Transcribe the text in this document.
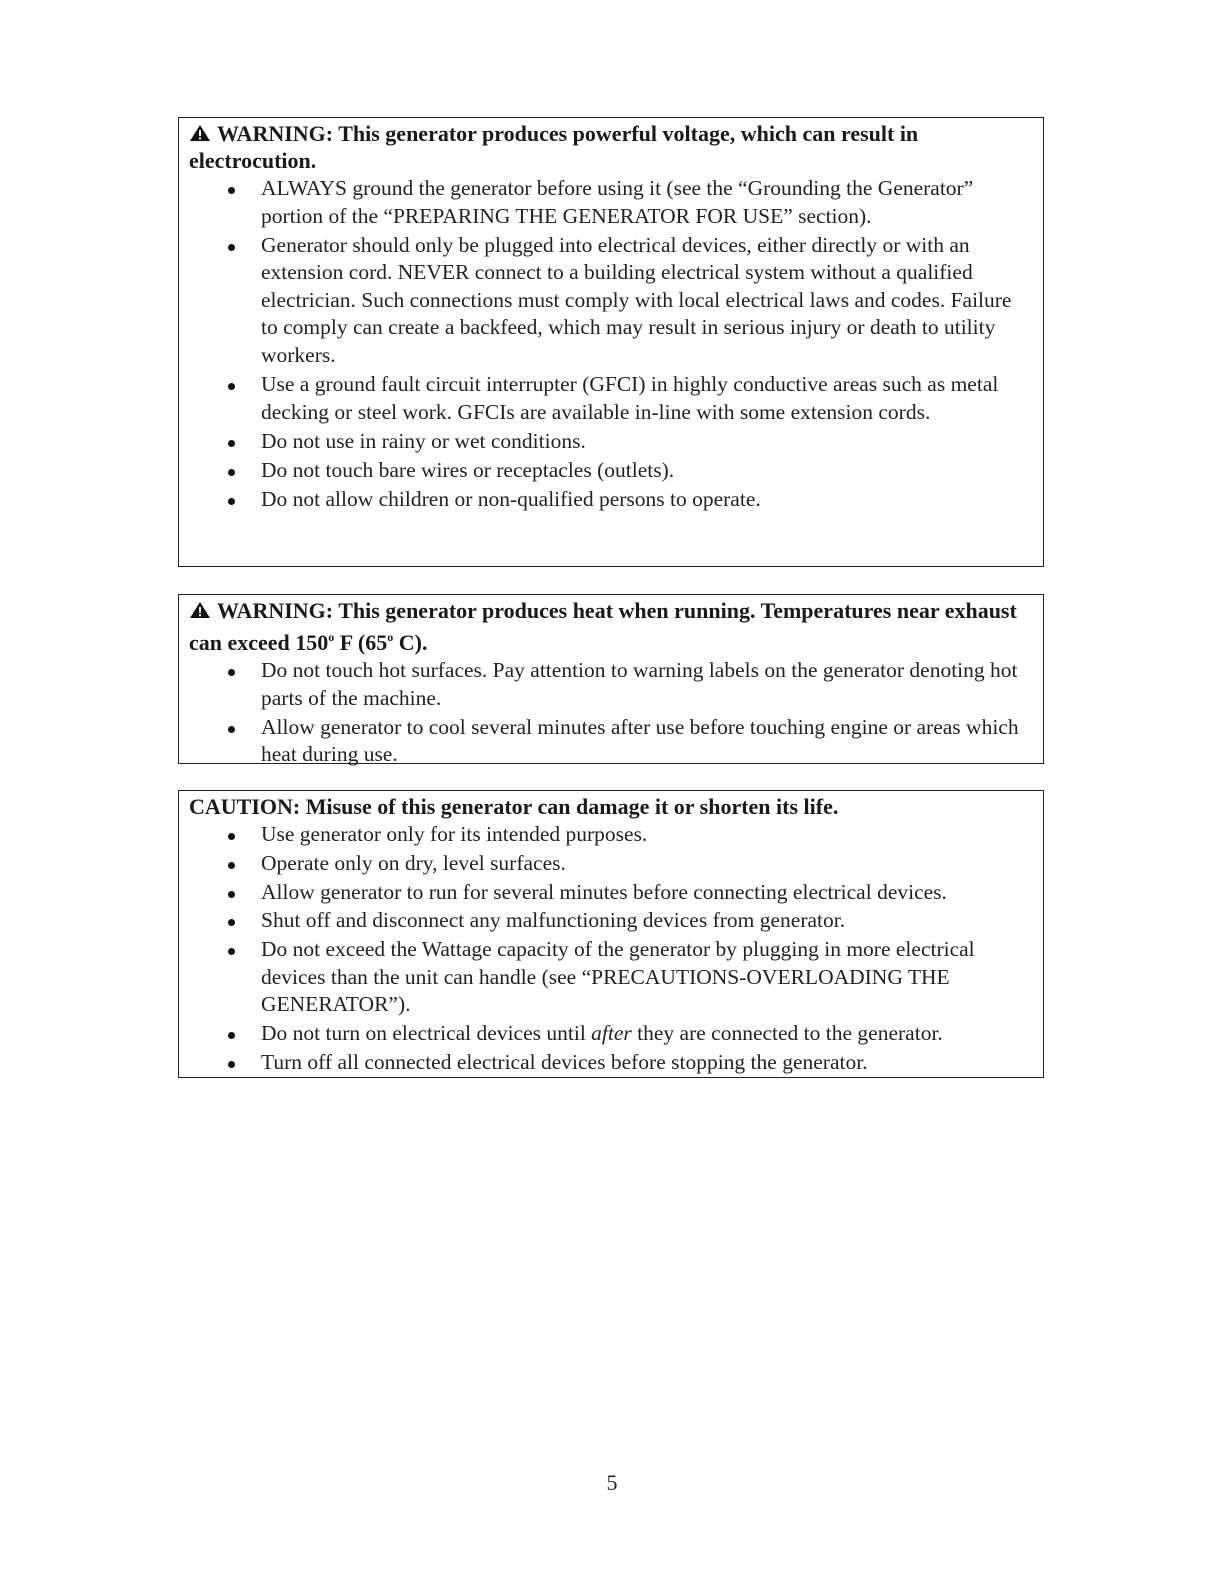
WARNING: This generator produces powerful voltage, which can result in electrocution.

ALWAYS ground the generator before using it (see the “Grounding the Generator” portion of the “PREPARING THE GENERATOR FOR USE” section).
Generator should only be plugged into electrical devices, either directly or with an extension cord. NEVER connect to a building electrical system without a qualified electrician. Such connections must comply with local electrical laws and codes. Failure to comply can create a backfeed, which may result in serious injury or death to utility workers.
Use a ground fault circuit interrupter (GFCI) in highly conductive areas such as metal decking or steel work. GFCIs are available in-line with some extension cords.
Do not use in rainy or wet conditions.
Do not touch bare wires or receptacles (outlets).
Do not allow children or non-qualified persons to operate.

WARNING: This generator produces heat when running. Temperatures near exhaust can exceed 150$^o$ F (65$^o$ C).

Do not touch hot surfaces. Pay attention to warning labels on the generator denoting hot parts of the machine.
Allow generator to cool several minutes after use before touching engine or areas which heat during use.

CAUTION: Misuse of this generator can damage it or shorten its life.

Use generator only for its intended purposes.
Operate only on dry, level surfaces.
Allow generator to run for several minutes before connecting electrical devices.
Shut off and disconnect any malfunctioning devices from generator.
Do not exceed the Wattage capacity of the generator by plugging in more electrical devices than the unit can handle (see “PRECAUTIONS-OVERLOADING THE GENERATOR”).
Do not turn on electrical devices until after they are connected to the generator.
Turn off all connected electrical devices before stopping the generator.
5
